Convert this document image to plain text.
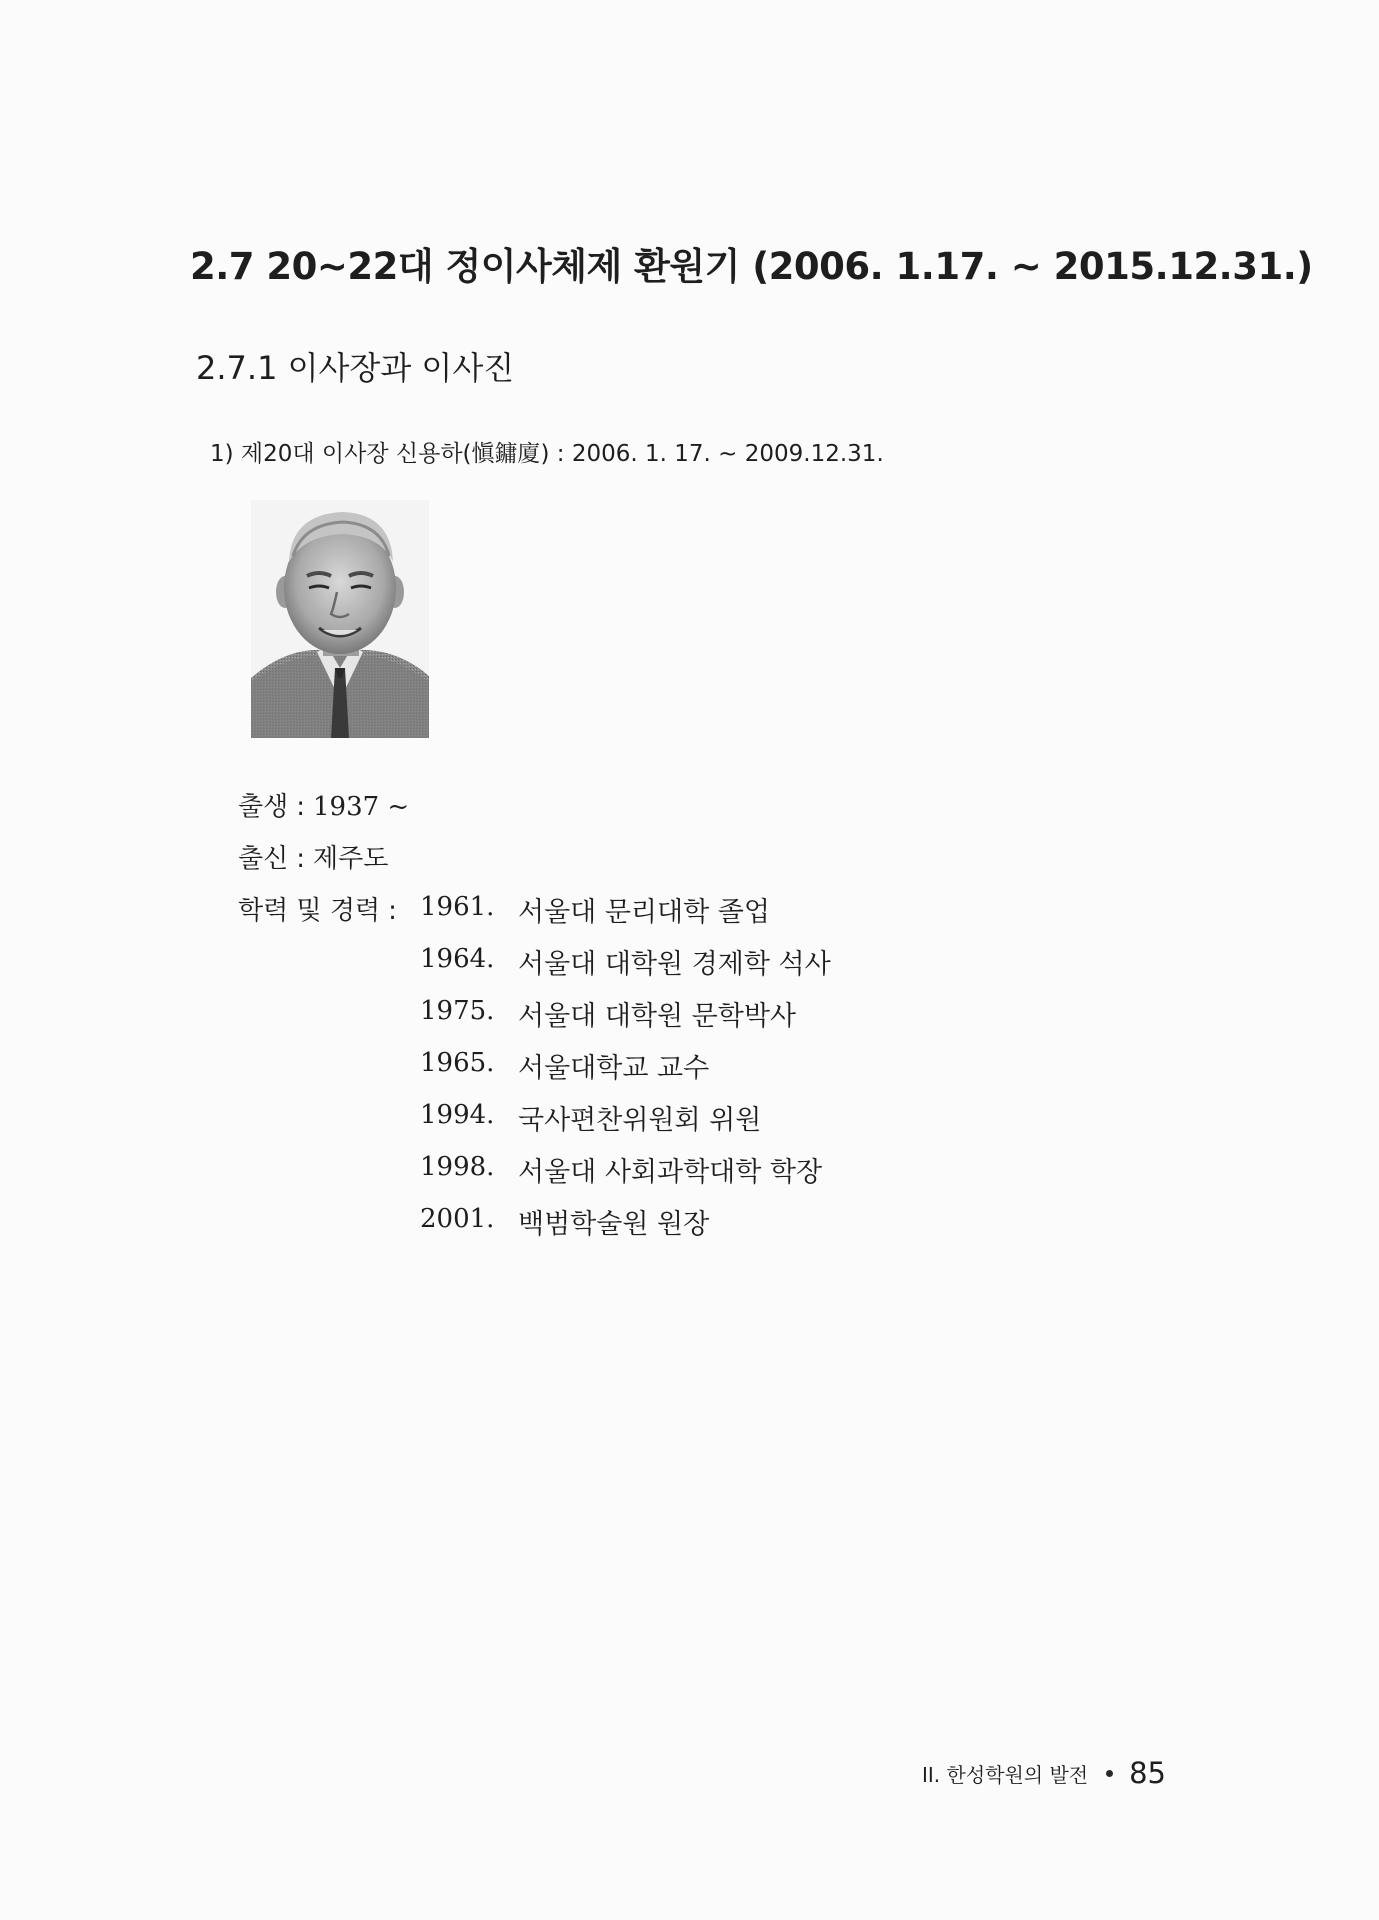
2.7 20~22대 정이사체제 환원기 (2006. 1.17. ~ 2015.12.31.)
2.7.1 이사장과 이사진
1) 제20대 이사장 신용하(愼鏞廈) : 2006. 1. 17. ~ 2009.12.31.
출생 : 1937 ~
출신 : 제주도
학력 및 경력 : 1961. 서울대 문리대학 졸업
1964. 서울대 대학원 경제학 석사
1975. 서울대 대학원 문학박사
1965. 서울대학교 교수
1994. 국사편찬위원회 위원
1998. 서울대 사회과학대학 학장
2001. 백범학술원 원장
II. 한성학원의 발전 85
